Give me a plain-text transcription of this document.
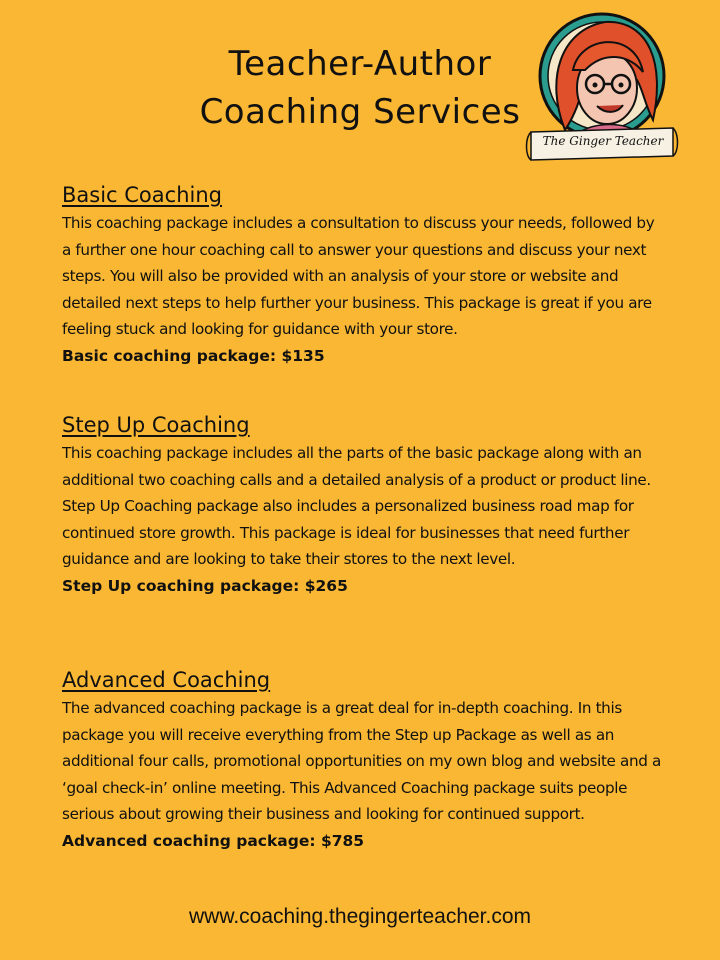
Teacher-Author
Coaching Services
The Ginger Teacher
Basic Coaching

This coaching package includes a consultation to discuss your needs, followed by a further one hour coaching call to answer your questions and discuss your next steps. You will also be provided with an analysis of your store or website and detailed next steps to help further your business. This package is great if you are feeling stuck and looking for guidance with your store.

Basic coaching package: $135
Step Up Coaching

This coaching package includes all the parts of the basic package along with an additional two coaching calls and a detailed analysis of a product or product line. Step Up Coaching package also includes a personalized business road map for continued store growth. This package is ideal for businesses that need further guidance and are looking to take their stores to the next level.

Step Up coaching package: $265
Advanced Coaching

The advanced coaching package is a great deal for in-depth coaching. In this package you will receive everything from the Step up Package as well as an additional four calls, promotional opportunities on my own blog and website and a ‘goal check-in’ online meeting. This Advanced Coaching package suits people serious about growing their business and looking for continued support.

Advanced coaching package: $785
www.coaching.thegingerteacher.com
